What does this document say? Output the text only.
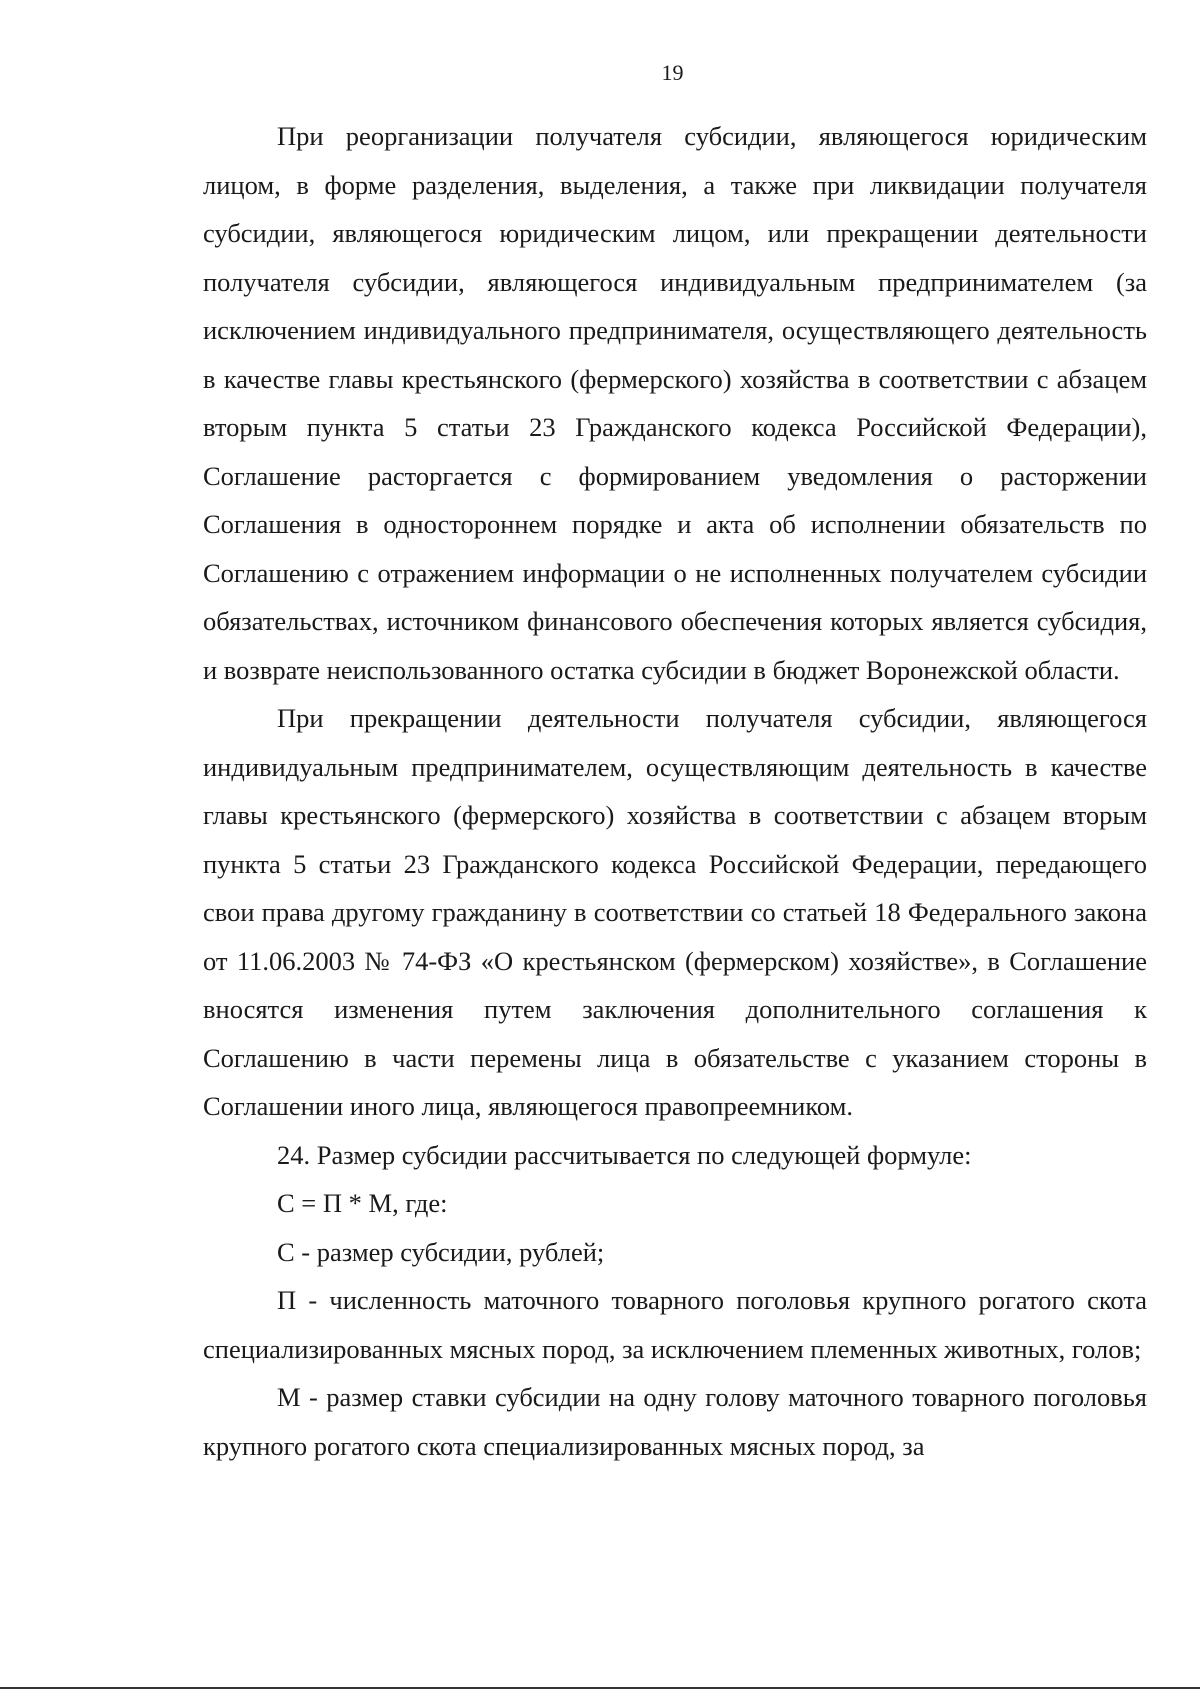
19

При реорганизации получателя субсидии, являющегося юридическим лицом, в форме разделения, выделения, а также при ликвидации получателя субсидии, являющегося юридическим лицом, или прекращении деятельности получателя субсидии, являющегося индивидуальным предпринимателем (за исключением индивидуального предпринимателя, осуществляющего деятельность в качестве главы крестьянского (фермерского) хозяйства в соответствии с абзацем вторым пункта 5 статьи 23 Гражданского кодекса Российской Федерации), Соглашение расторгается с формированием уведомления о расторжении Соглашения в одностороннем порядке и акта об исполнении обязательств по Соглашению с отражением информации о не исполненных получателем субсидии обязательствах, источником финансового обеспечения которых является субсидия, и возврате неиспользованного остатка субсидии в бюджет Воронежской области.

При прекращении деятельности получателя субсидии, являющегося индивидуальным предпринимателем, осуществляющим деятельность в качестве главы крестьянского (фермерского) хозяйства в соответствии с абзацем вторым пункта 5 статьи 23 Гражданского кодекса Российской Федерации, передающего свои права другому гражданину в соответствии со статьей 18 Федерального закона от 11.06.2003 № 74-ФЗ «О крестьянском (фермерском) хозяйстве», в Соглашение вносятся изменения путем заключения дополнительного соглашения к Соглашению в части перемены лица в обязательстве с указанием стороны в Соглашении иного лица, являющегося правопреемником.

24. Размер субсидии рассчитывается по следующей формуле:

С = П * М, где:

С - размер субсидии, рублей;

П - численность маточного товарного поголовья крупного рогатого скота специализированных мясных пород, за исключением племенных животных, голов;

М - размер ставки субсидии на одну голову маточного товарного поголовья крупного рогатого скота специализированных мясных пород, за
